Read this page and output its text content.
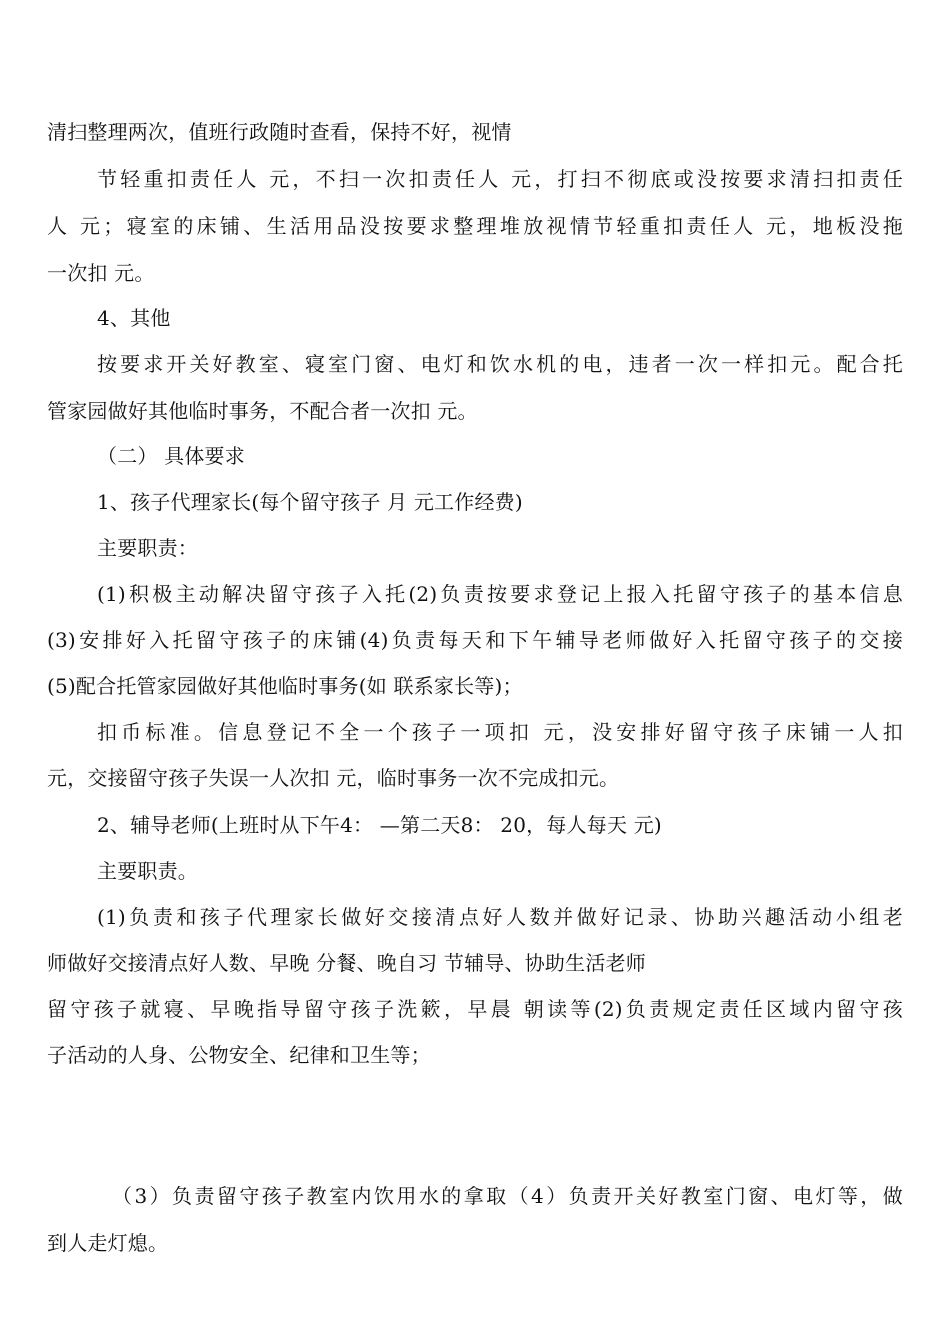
清扫整理两次，值班行政随时查看，保持不好，视情
节轻重扣责任人 元，不扫一次扣责任人 元，打扫不彻底或没按要求清扫扣责任
人 元；寝室的床铺、生活用品没按要求整理堆放视情节轻重扣责任人 元，地板没拖
一次扣 元。
4、其他
按要求开关好教室、寝室门窗、电灯和饮水机的电，违者一次一样扣元。配合托
管家园做好其他临时事务，不配合者一次扣 元。
（二） 具体要求
1、孩子代理家长(每个留守孩子 月 元工作经费)
主要职责：
(1)积极主动解决留守孩子入托(2)负责按要求登记上报入托留守孩子的基本信息
(3)安排好入托留守孩子的床铺(4)负责每天和下午辅导老师做好入托留守孩子的交接
(5)配合托管家园做好其他临时事务(如 联系家长等)；
扣币标准。信息登记不全一个孩子一项扣 元，没安排好留守孩子床铺一人扣
元，交接留守孩子失误一人次扣 元，临时事务一次不完成扣元。
2、辅导老师(上班时从下午4： —第二天8： 20，每人每天 元)
主要职责。
(1)负责和孩子代理家长做好交接清点好人数并做好记录、协助兴趣活动小组老
师做好交接清点好人数、早晚 分餐、晚自习 节辅导、协助生活老师
留守孩子就寝、早晚指导留守孩子洗簌，早晨 朝读等(2)负责规定责任区域内留守孩
子活动的人身、公物安全、纪律和卫生等；
（3）负责留守孩子教室内饮用水的拿取（4）负责开关好教室门窗、电灯等，做
到人走灯熄。
